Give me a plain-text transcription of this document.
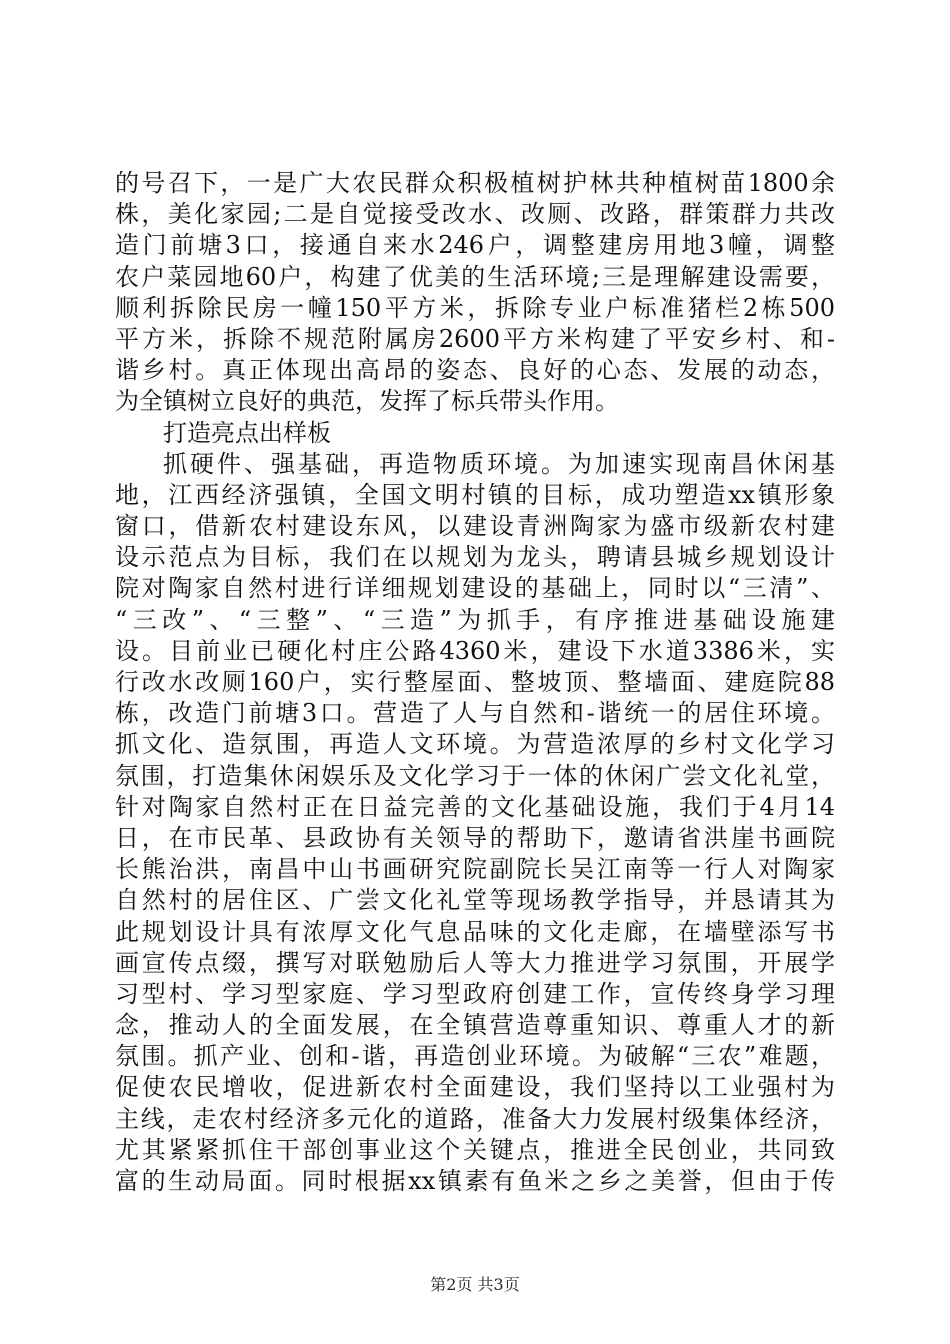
的号召下，一是广大农民群众积极植树护林共种植树苗1800余
株，美化家园;二是自觉接受改水、改厕、改路，群策群力共改
造门前塘3口，接通自来水246户，调整建房用地3幢，调整
农户菜园地60户，构建了优美的生活环境;三是理解建设需要，
顺利拆除民房一幢150平方米，拆除专业户标准猪栏2栋500
平方米，拆除不规范附属房2600平方米构建了平安乡村、和-
谐乡村。真正体现出高昂的姿态、良好的心态、发展的动态，
为全镇树立良好的典范，发挥了标兵带头作用。
打造亮点出样板
抓硬件、强基础，再造物质环境。为加速实现南昌休闲基
地，江西经济强镇，全国文明村镇的目标，成功塑造xx镇形象
窗口，借新农村建设东风，以建设青洲陶家为盛市级新农村建
设示范点为目标，我们在以规划为龙头，聘请县城乡规划设计
院对陶家自然村进行详细规划建设的基础上，同时以“三清”、
“三改”、“三整”、“三造”为抓手，有序推进基础设施建
设。目前业已硬化村庄公路4360米，建设下水道3386米，实
行改水改厕160户，实行整屋面、整坡顶、整墙面、建庭院88
栋，改造门前塘3口。营造了人与自然和-谐统一的居住环境。
抓文化、造氛围，再造人文环境。为营造浓厚的乡村文化学习
氛围，打造集休闲娱乐及文化学习于一体的休闲广尝文化礼堂，
针对陶家自然村正在日益完善的文化基础设施，我们于4月14
日，在市民革、县政协有关领导的帮助下，邀请省洪崖书画院
长熊治洪，南昌中山书画研究院副院长吴江南等一行人对陶家
自然村的居住区、广尝文化礼堂等现场教学指导，并恳请其为
此规划设计具有浓厚文化气息品味的文化走廊，在墙壁添写书
画宣传点缀，撰写对联勉励后人等大力推进学习氛围，开展学
习型村、学习型家庭、学习型政府创建工作，宣传终身学习理
念，推动人的全面发展，在全镇营造尊重知识、尊重人才的新
氛围。抓产业、创和-谐，再造创业环境。为破解“三农”难题，
促使农民增收，促进新农村全面建设，我们坚持以工业强村为
主线，走农村经济多元化的道路，准备大力发展村级集体经济，
尤其紧紧抓住干部创事业这个关键点，推进全民创业，共同致
富的生动局面。同时根据xx镇素有鱼米之乡之美誉，但由于传
第2页 共3页
